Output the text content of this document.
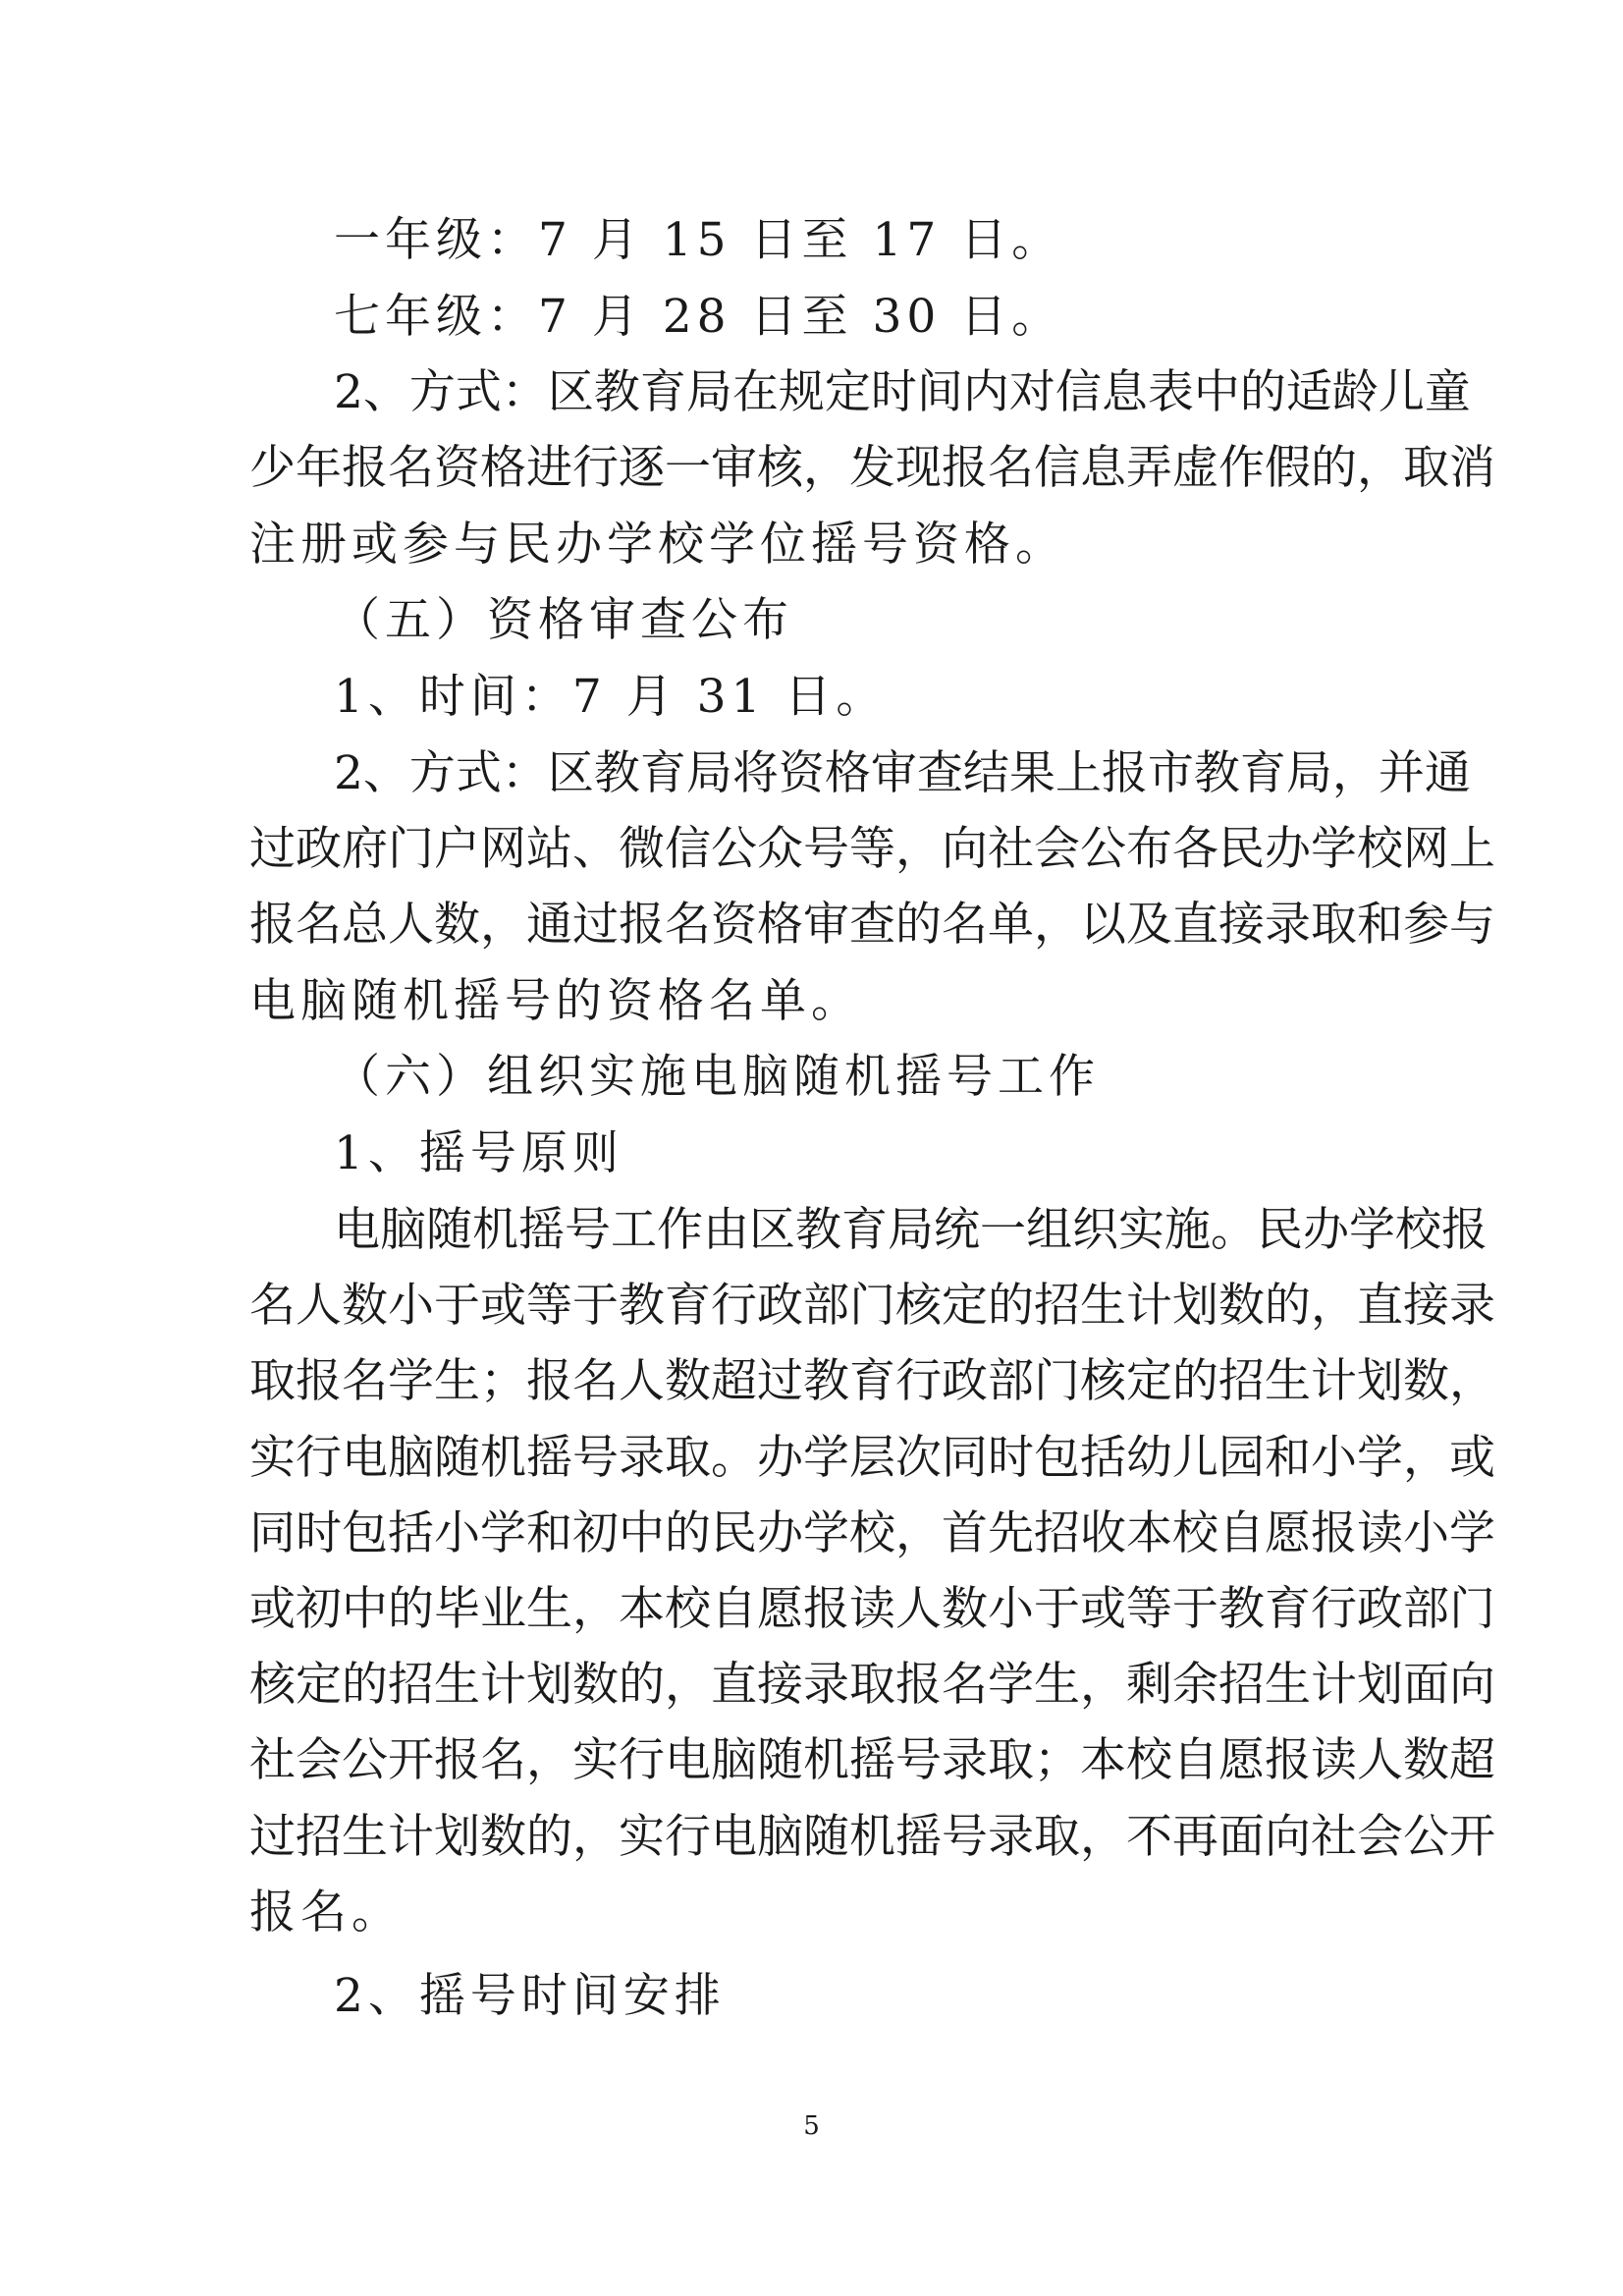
一年级：7 月 15 日至 17 日。
七年级：7 月 28 日至 30 日。
2、方式：区教育局在规定时间内对信息表中的适龄儿童
少年报名资格进行逐一审核，发现报名信息弄虚作假的，取消
注册或参与民办学校学位摇号资格。
（五）资格审查公布
1、时间：7 月 31 日。
2、方式：区教育局将资格审查结果上报市教育局，并通
过政府门户网站、微信公众号等，向社会公布各民办学校网上
报名总人数，通过报名资格审查的名单，以及直接录取和参与
电脑随机摇号的资格名单。
（六）组织实施电脑随机摇号工作
1、摇号原则
电脑随机摇号工作由区教育局统一组织实施。民办学校报
名人数小于或等于教育行政部门核定的招生计划数的，直接录
取报名学生；报名人数超过教育行政部门核定的招生计划数，
实行电脑随机摇号录取。办学层次同时包括幼儿园和小学，或
同时包括小学和初中的民办学校，首先招收本校自愿报读小学
或初中的毕业生，本校自愿报读人数小于或等于教育行政部门
核定的招生计划数的，直接录取报名学生，剩余招生计划面向
社会公开报名，实行电脑随机摇号录取；本校自愿报读人数超
过招生计划数的，实行电脑随机摇号录取，不再面向社会公开
报名。
2、摇号时间安排
5
